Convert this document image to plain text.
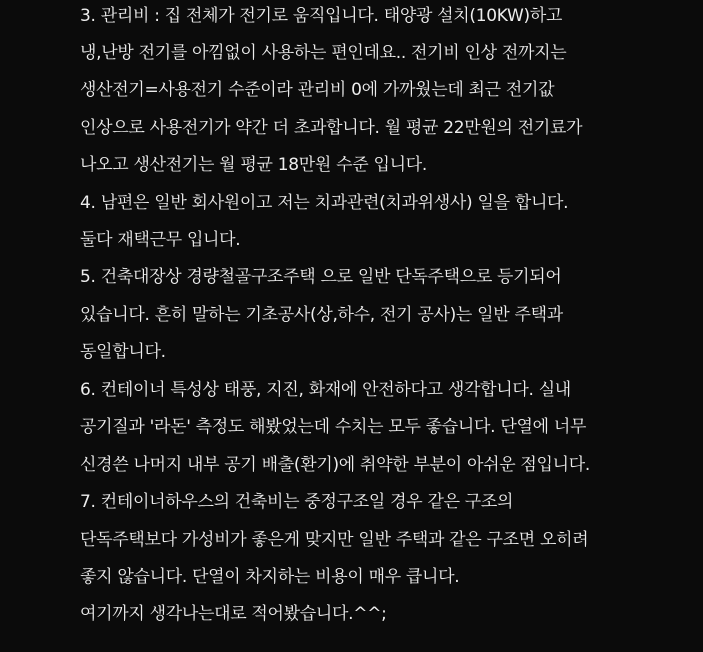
3. 관리비 : 집 전체가 전기로 움직입니다. 태양광 설치(10KW)하고
냉,난방 전기를 아낌없이 사용하는 편인데요.. 전기비 인상 전까지는
생산전기=사용전기 수준이라 관리비 0에 가까웠는데 최근 전기값
인상으로 사용전기가 약간 더 초과합니다. 월 평균 22만원의 전기료가
나오고 생산전기는 월 평균 18만원 수준 입니다.
4. 남편은 일반 회사원이고 저는 치과관련(치과위생사) 일을 합니다.
둘다 재택근무 입니다.
5. 건축대장상 경량철골구조주택 으로 일반 단독주택으로 등기되어
있습니다. 흔히 말하는 기초공사(상,하수, 전기 공사)는 일반 주택과
동일합니다.
6. 컨테이너 특성상 태풍, 지진, 화재에 안전하다고 생각합니다. 실내
공기질과 '라돈' 측정도 해봤었는데 수치는 모두 좋습니다. 단열에 너무
신경쓴 나머지 내부 공기 배출(환기)에 취약한 부분이 아쉬운 점입니다.
7. 컨테이너하우스의 건축비는 중정구조일 경우 같은 구조의
단독주택보다 가성비가 좋은게 맞지만 일반 주택과 같은 구조면 오히려
좋지 않습니다. 단열이 차지하는 비용이 매우 큽니다.
여기까지 생각나는대로 적어봤습니다.^^;
